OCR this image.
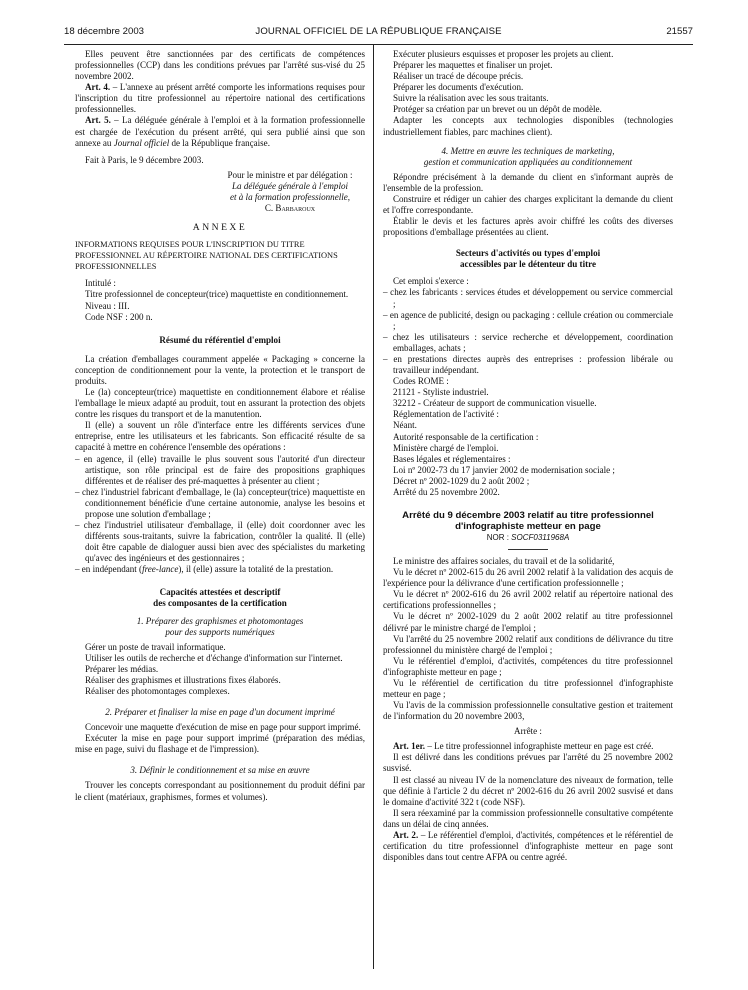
18 décembre 2003	JOURNAL OFFICIEL DE LA RÉPUBLIQUE FRANÇAISE	21557

Elles peuvent être sanctionnées par des certificats de compétences professionnelles (CCP) dans les conditions prévues par l'arrêté sus-visé du 25 novembre 2002.

Art. 4. – L'annexe au présent arrêté comporte les informations requises pour l'inscription du titre professionnel au répertoire national des certifications professionnelles.

Art. 5. – La déléguée générale à l'emploi et à la formation professionnelle est chargée de l'exécution du présent arrêté, qui sera publié ainsi que son annexe au Journal officiel de la République française.

Fait à Paris, le 9 décembre 2003.

Pour le ministre et par délégation :

La déléguée générale à l'emploi

et à la formation professionnelle,

C. Barbaroux

ANNEXE

INFORMATIONS REQUISES POUR L'INSCRIPTION DU TITRE PROFESSIONNEL AU RÉPERTOIRE NATIONAL DES CERTIFICATIONS PROFESSIONNELLES

Intitulé :

Titre professionnel de concepteur(trice) maquettiste en conditionnement.

Niveau : III.

Code NSF : 200 n.

Résumé du référentiel d'emploi

La création d'emballages couramment appelée « Packaging » concerne la conception de conditionnement pour la vente, la protection et le transport de produits.

Le (la) concepteur(trice) maquettiste en conditionnement élabore et réalise l'emballage le mieux adapté au produit, tout en assurant la protection des objets contre les risques du transport et de la manutention.

Il (elle) a souvent un rôle d'interface entre les différents services d'une entreprise, entre les utilisateurs et les fabricants. Son efficacité résulte de sa capacité à mettre en cohérence l'ensemble des opérations :

– en agence, il (elle) travaille le plus souvent sous l'autorité d'un directeur artistique, son rôle principal est de faire des propositions graphiques différentes et de réaliser des pré-maquettes à présenter au client ;

– chez l'industriel fabricant d'emballage, le (la) concepteur(trice) maquettiste en conditionnement bénéficie d'une certaine autonomie, analyse les besoins et propose une solution d'emballage ;

– chez l'industriel utilisateur d'emballage, il (elle) doit coordonner avec les différents sous-traitants, suivre la fabrication, contrôler la qualité. Il (elle) doit être capable de dialoguer aussi bien avec des spécialistes du marketing qu'avec des ingénieurs et des gestionnaires ;

– en indépendant (free-lance), il (elle) assure la totalité de la prestation.

Capacités attestées et descriptif

des composantes de la certification

1. Préparer des graphismes et photomontages

pour des supports numériques

Gérer un poste de travail informatique.

Utiliser les outils de recherche et d'échange d'information sur l'internet.

Préparer les médias.

Réaliser des graphismes et illustrations fixes élaborés.

Réaliser des photomontages complexes.

2. Préparer et finaliser la mise en page d'un document imprimé

Concevoir une maquette d'exécution de mise en page pour support imprimé.

Exécuter la mise en page pour support imprimé (préparation des médias, mise en page, suivi du flashage et de l'impression).

3. Définir le conditionnement et sa mise en œuvre

Trouver les concepts correspondant au positionnement du produit défini par le client (matériaux, graphismes, formes et volumes).

Exécuter plusieurs esquisses et proposer les projets au client.

Préparer les maquettes et finaliser un projet.

Réaliser un tracé de découpe précis.

Préparer les documents d'exécution.

Suivre la réalisation avec les sous traitants.

Protéger sa création par un brevet ou un dépôt de modèle.

Adapter les concepts aux technologies disponibles (technologies industriellement fiables, parc machines client).

4. Mettre en œuvre les techniques de marketing,

gestion et communication appliquées au conditionnement

Répondre précisément à la demande du client en s'informant auprès de l'ensemble de la profession.

Construire et rédiger un cahier des charges explicitant la demande du client et l'offre correspondante.

Établir le devis et les factures après avoir chiffré les coûts des diverses propositions d'emballage présentées au client.

Secteurs d'activités ou types d'emploi

accessibles par le détenteur du titre

Cet emploi s'exerce :

– chez les fabricants : services études et développement ou service commercial ;

– en agence de publicité, design ou packaging : cellule création ou commerciale ;

– chez les utilisateurs : service recherche et développement, coordination emballages, achats ;

– en prestations directes auprès des entreprises : profession libérale ou travailleur indépendant.

Codes ROME :

21121 - Styliste industriel.

32212 - Créateur de support de communication visuelle.

Réglementation de l'activité :

Néant.

Autorité responsable de la certification :

Ministère chargé de l'emploi.

Bases légales et réglementaires :

Loi nº 2002-73 du 17 janvier 2002 de modernisation sociale ;

Décret nº 2002-1029 du 2 août 2002 ;

Arrêté du 25 novembre 2002.

Arrêté du 9 décembre 2003 relatif au titre professionnel d'infographiste metteur en page

NOR : SOCF0311968A

Le ministre des affaires sociales, du travail et de la solidarité,

Vu le décret nº 2002-615 du 26 avril 2002 relatif à la validation des acquis de l'expérience pour la délivrance d'une certification professionnelle ;

Vu le décret nº 2002-616 du 26 avril 2002 relatif au répertoire national des certifications professionnelles ;

Vu le décret nº 2002-1029 du 2 août 2002 relatif au titre professionnel délivré par le ministre chargé de l'emploi ;

Vu l'arrêté du 25 novembre 2002 relatif aux conditions de délivrance du titre professionnel du ministère chargé de l'emploi ;

Vu le référentiel d'emploi, d'activités, compétences du titre professionnel d'infographiste metteur en page ;

Vu le référentiel de certification du titre professionnel d'infographiste metteur en page ;

Vu l'avis de la commission professionnelle consultative gestion et traitement de l'information du 20 novembre 2003,

Arrête :

Art. 1er. – Le titre professionnel infographiste metteur en page est créé.

Il est délivré dans les conditions prévues par l'arrêté du 25 novembre 2002 susvisé.

Il est classé au niveau IV de la nomenclature des niveaux de formation, telle que définie à l'article 2 du décret nº 2002-616 du 26 avril 2002 susvisé et dans le domaine d'activité 322 t (code NSF).

Il sera réexaminé par la commission professionnelle consultative compétente dans un délai de cinq années.

Art. 2. – Le référentiel d'emploi, d'activités, compétences et le référentiel de certification du titre professionnel d'infographiste metteur en page sont disponibles dans tout centre AFPA ou centre agréé.
